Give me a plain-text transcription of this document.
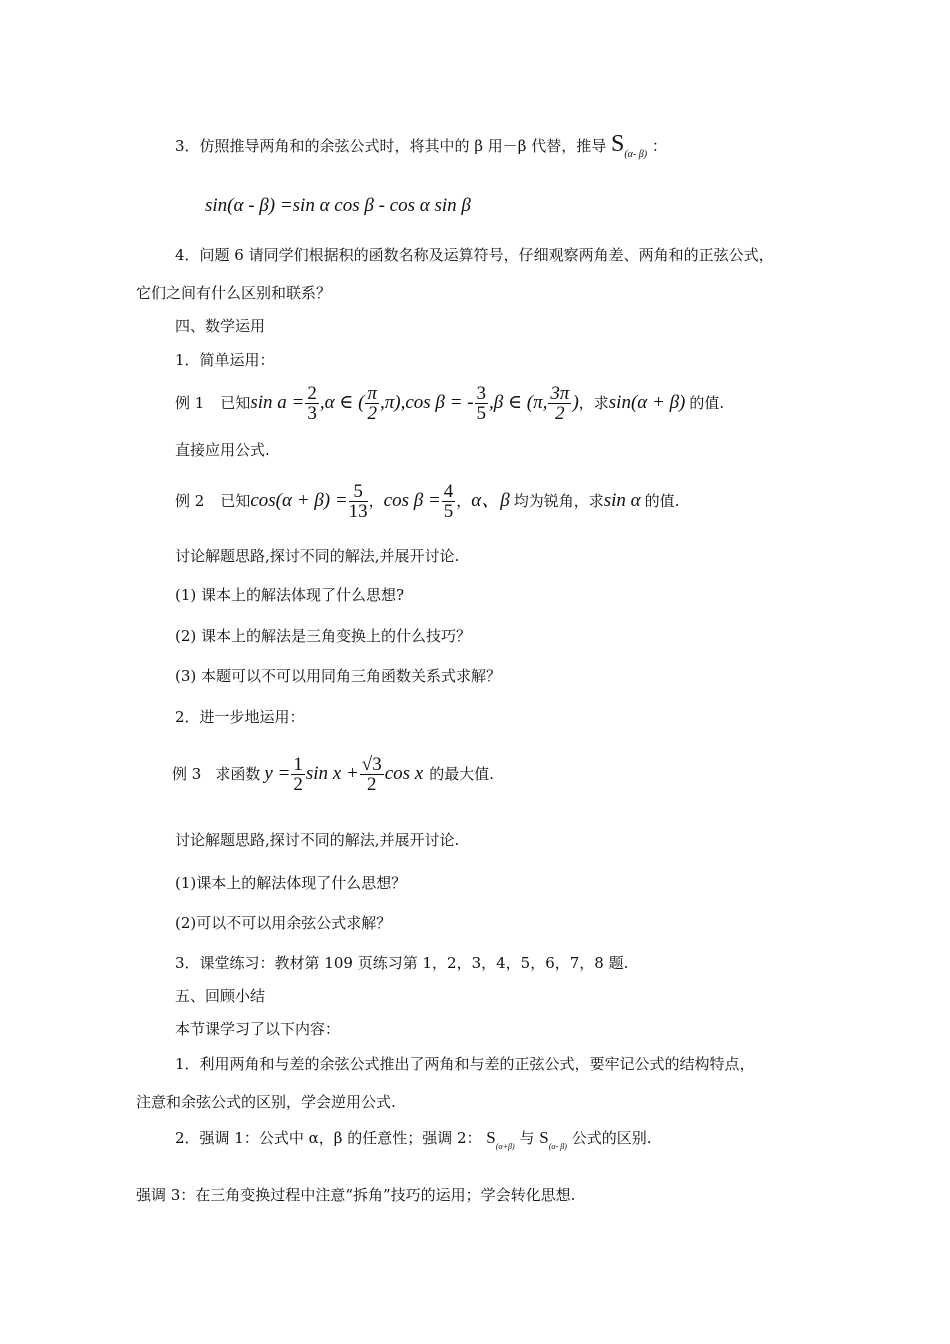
3．仿照推导两角和的余弦公式时，将其中的 β 用－β 代替，推导 $S_{(\alpha- \beta)}$ ：
sin(α - β) =sin α cos β - cos α sin β
4．问题 6 请同学们根据积的函数名称及运算符号，仔细观察两角差、两角和的正弦公式，
它们之间有什么区别和联系？
四、数学运用
1．简单运用：
例 1 已知 $\sin a = \frac{2}{3} ,\alpha$ ∈ ( $\frac{\pi}{2} ,\pi),\cos$ β = - $\frac{3}{5} ,\beta$ ∈ (π, $\frac{3\pi}{2}$ ) ，求 sin(α + β) 的值.
直接应用公式.
例 2 已知 $\cos(\alpha + \beta) = \frac{5}{13}$ ， $\cos \beta = \frac{4}{5}$ ， α、β 均为锐角，求 sin α 的值.
讨论解题思路,探讨不同的解法,并展开讨论.
(1) 课本上的解法体现了什么思想?
(2) 课本上的解法是三角变换上的什么技巧？
(3) 本题可以不可以用同角三角函数关系式求解？
2．进一步地运用：
例 3 求函数 $y = \frac{1}{2}$ $\sin x + \frac{√3}{2}$ cos x 的最大值.
讨论解题思路,探讨不同的解法,并展开讨论.
(1)课本上的解法体现了什么思想？
(2)可以不可以用余弦公式求解？
3．课堂练习：教材第 109 页练习第 1，2，3，4，5，6，7，8 题.
五、回顾小结
本节课学习了以下内容：
1．利用两角和与差的余弦公式推出了两角和与差的正弦公式，要牢记公式的结构特点，
注意和余弦公式的区别，学会逆用公式.
2．强调 1：公式中 α，β 的任意性；强调 2： $S_{(\alpha+\beta)}$ 与 $S_{(\alpha- \beta)}$ 公式的区别.
强调 3：在三角变换过程中注意“拆角”技巧的运用；学会转化思想.
